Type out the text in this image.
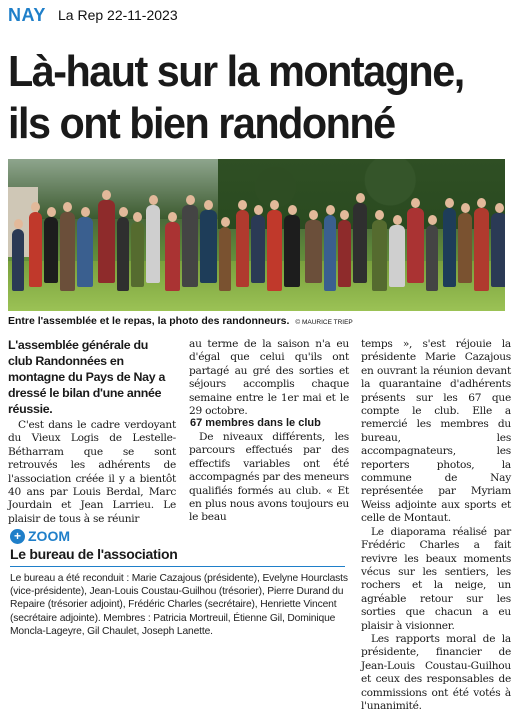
NAY La Rep 22-11-2023
Là-haut sur la montagne,
ils ont bien randonné
Entre l'assemblée et le repas, la photo des randonneurs. © MAURICE TRIEP
L'assemblée générale du club Randonnées en montagne du Pays de Nay a dressé le bilan d'une année réussie.

C'est dans le cadre verdoyant du Vieux Logis de Lestelle-Bétharram que se sont retrouvés les adhérents de l'association créée il y a bientôt 40 ans par Louis Berdal, Marc Jourdain et Jean Larrieu. Le plaisir de tous à se réunir

au terme de la saison n'a eu d'égal que celui qu'ils ont partagé au gré des sorties et séjours accomplis chaque semaine entre le 1er mai et le 29 octobre.

67 membres dans le club

De niveaux différents, les parcours effectués par des effectifs variables ont été accompagnés par des meneurs qualifiés formés au club. « Et en plus nous avons toujours eu le beau

temps », s'est réjouie la présidente Marie Cazajous en ouvrant la réunion devant la quarantaine d'adhérents présents sur les 67 que compte le club. Elle a remercié les membres du bureau, les accompagnateurs, les reporters photos, la commune de Nay représentée par Myriam Weiss adjointe aux sports et celle de Montaut.

Le diaporama réalisé par Frédéric Charles a fait revivre les beaux moments vécus sur les sentiers, les rochers et la neige, un agréable retour sur les sorties que chacun a eu plaisir à visionner.

Les rapports moral de la présidente, financier de Jean-Louis Coustau-Guilhou et ceux des responsables de commissions ont été votés à l'unanimité.

+ ZOOM
Le bureau de l'association

Le bureau a été reconduit : Marie Cazajous (présidente), Evelyne Hourclasts (vice-présidente), Jean-Louis Coustau-Guilhou (trésorier), Pierre Durand du Repaire (trésorier adjoint), Frédéric Charles (secrétaire), Henriette Vincent (secrétaire adjointe). Membres : Patricia Mortreuil, Étienne Gil, Dominique Moncla-Lageyre, Gil Chaulet, Joseph Lanette.
